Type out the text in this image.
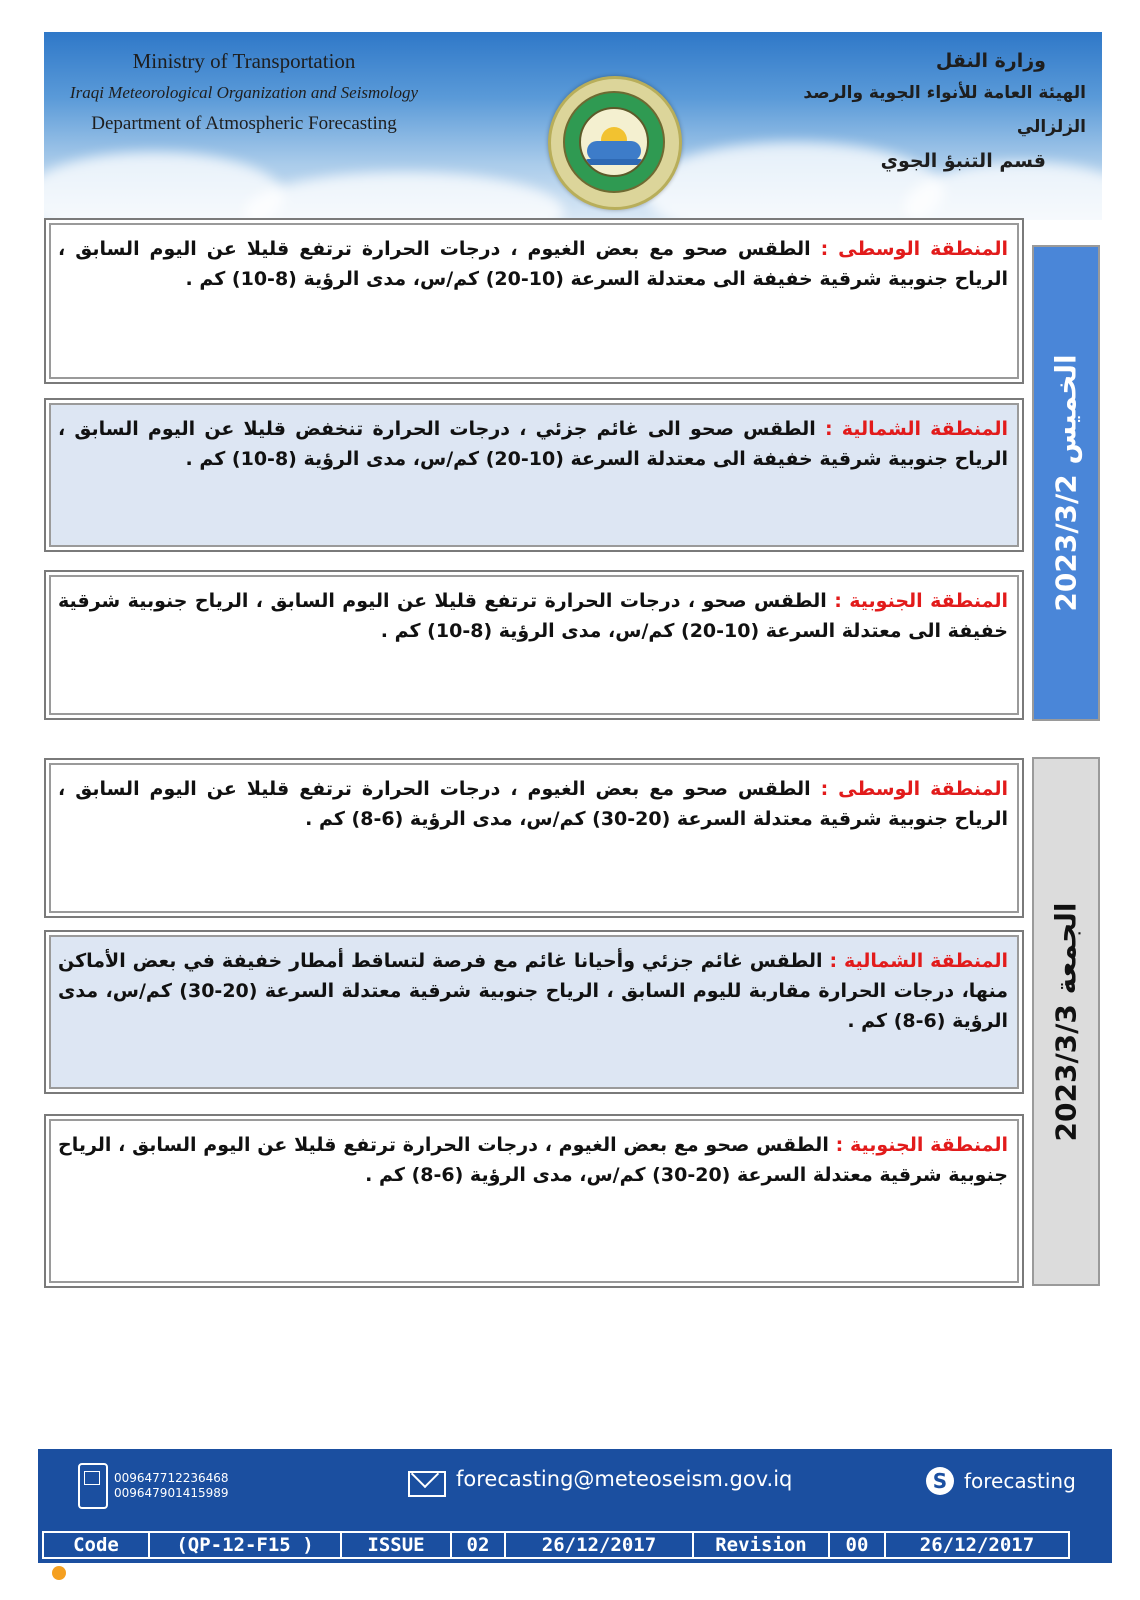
Ministry of Transportation
Iraqi Meteorological Organization and Seismology
Department of Atmospheric Forecasting
وزارة النقل
الهيئة العامة للأنواء الجوية والرصد الزلزالي
قسم التنبؤ الجوي
المنطقة الوسطى : الطقس صحو مع بعض الغيوم ، درجات الحرارة ترتفع قليلا عن اليوم السابق ، الرياح جنوبية شرقية خفيفة الى معتدلة السرعة (10-20) كم/س، مدى الرؤية (8-10) كم .
المنطقة الشمالية : الطقس صحو الى غائم جزئي ، درجات الحرارة تنخفض قليلا عن اليوم السابق ، الرياح جنوبية شرقية خفيفة الى معتدلة السرعة (10-20) كم/س، مدى الرؤية (8-10) كم .
المنطقة الجنوبية : الطقس صحو ، درجات الحرارة ترتفع قليلا عن اليوم السابق ، الرياح جنوبية شرقية خفيفة الى معتدلة السرعة (10-20) كم/س، مدى الرؤية (8-10) كم .
الخميس 2023/3/2
المنطقة الوسطى : الطقس صحو مع بعض الغيوم ، درجات الحرارة ترتفع قليلا عن اليوم السابق ، الرياح جنوبية شرقية معتدلة السرعة (20-30) كم/س، مدى الرؤية (6-8) كم .
المنطقة الشمالية : الطقس غائم جزئي وأحيانا غائم مع فرصة لتساقط أمطار خفيفة في بعض الأماكن منها، درجات الحرارة مقاربة لليوم السابق ، الرياح جنوبية شرقية معتدلة السرعة (20-30) كم/س، مدى الرؤية (6-8) كم .
المنطقة الجنوبية : الطقس صحو مع بعض الغيوم ، درجات الحرارة ترتفع قليلا عن اليوم السابق ، الرياح جنوبية شرقية معتدلة السرعة (20-30) كم/س، مدى الرؤية (6-8) كم .
الجمعة 2023/3/3
009647712236468
009647901415989
forecasting@meteoseism.gov.iq	S forecasting
Code	(QP-12-F15 )	ISSUE	02	26/12/2017	Revision	00	26/12/2017
